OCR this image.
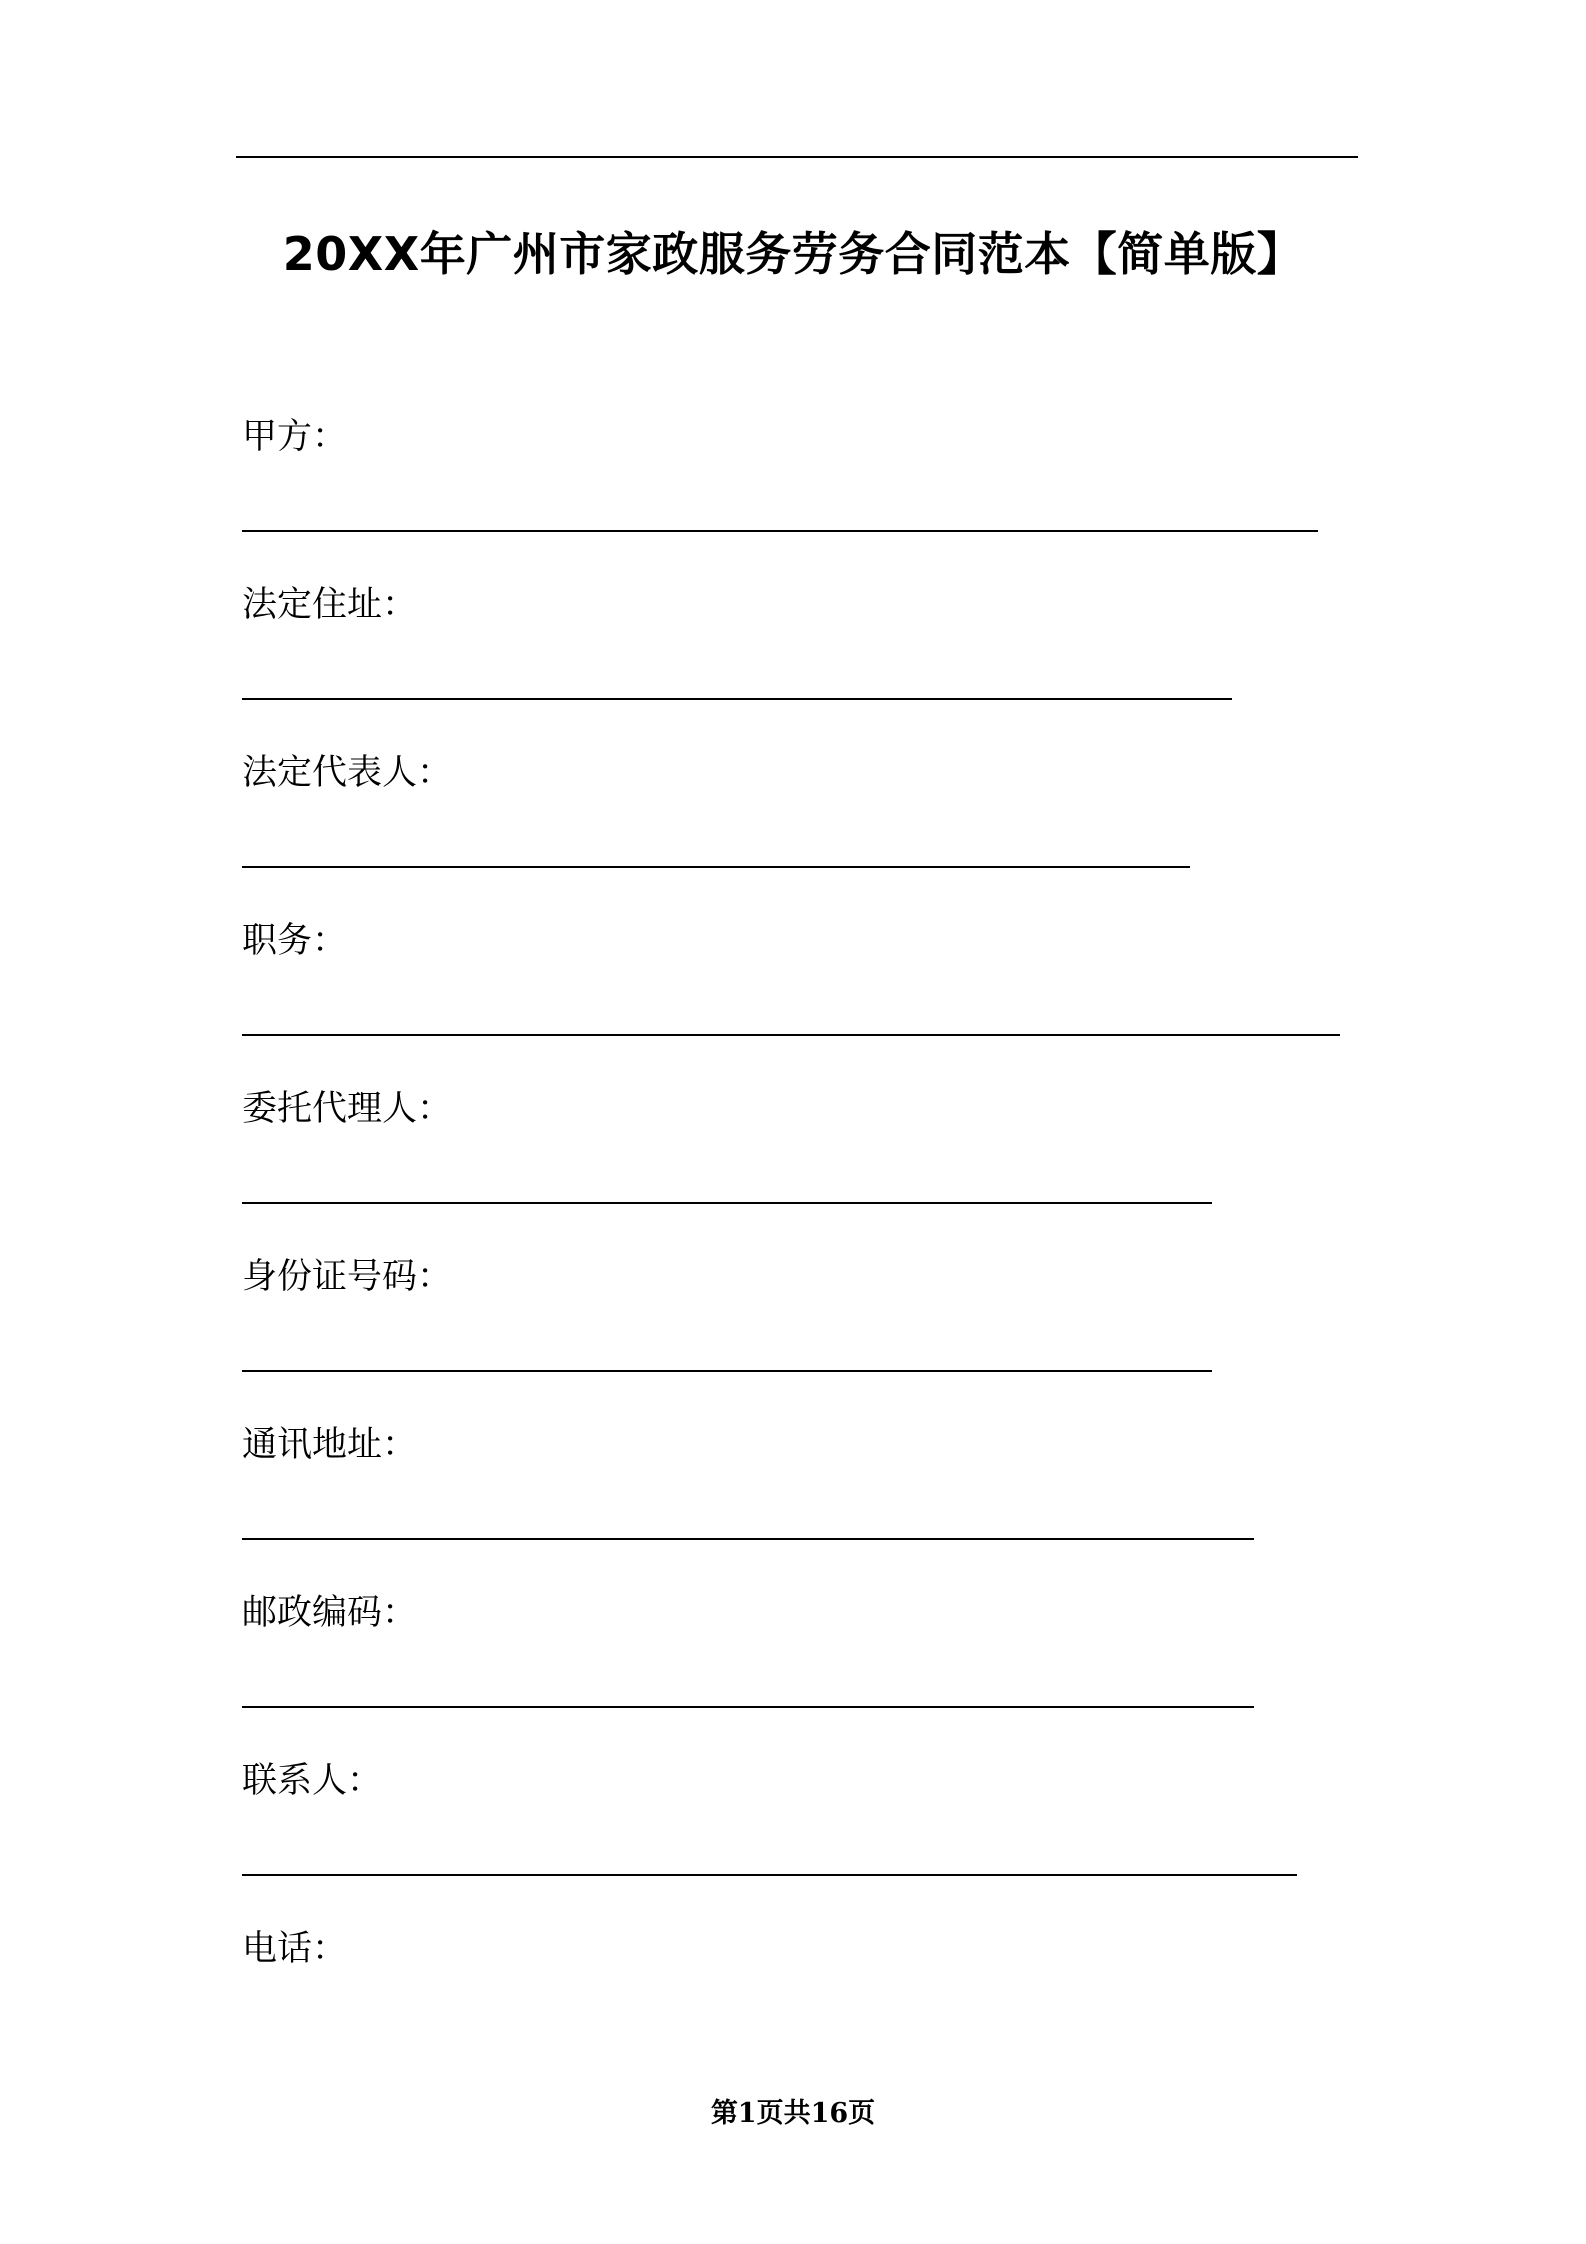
20XX年广州市家政服务劳务合同范本【简单版】
甲方：
法定住址：
法定代表人：
职务：
委托代理人：
身份证号码：
通讯地址：
邮政编码：
联系人：
电话：
第1页共16页
